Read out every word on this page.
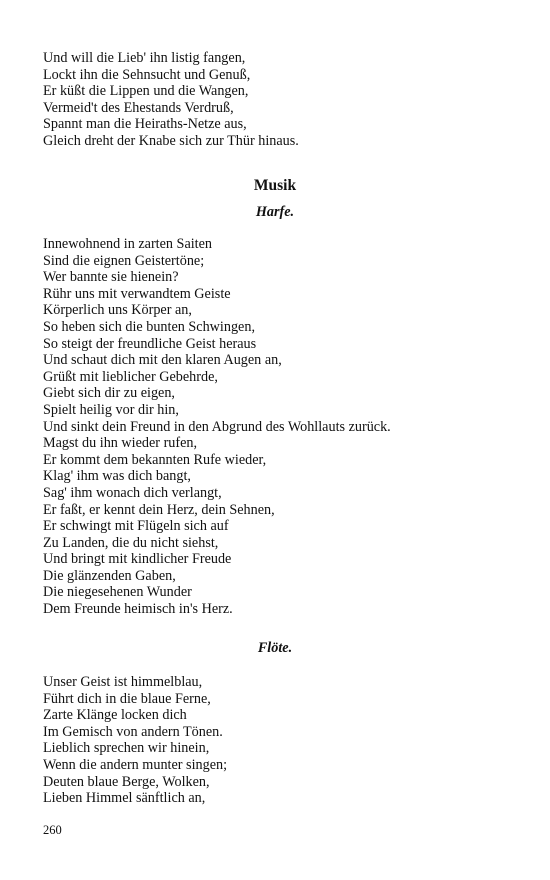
Und will die Lieb' ihn listig fangen,
Lockt ihn die Sehnsucht und Genuß,
Er küßt die Lippen und die Wangen,
Vermeid't des Ehestands Verdruß,
Spannt man die Heiraths-Netze aus,
Gleich dreht der Knabe sich zur Thür hinaus.
Musik
Harfe.
Innewohnend in zarten Saiten
Sind die eignen Geistertöne;
Wer bannte sie hienein?
Rühr uns mit verwandtem Geiste
Körperlich uns Körper an,
So heben sich die bunten Schwingen,
So steigt der freundliche Geist heraus
Und schaut dich mit den klaren Augen an,
Grüßt mit lieblicher Gebehrde,
Giebt sich dir zu eigen,
Spielt heilig vor dir hin,
Und sinkt dein Freund in den Abgrund des Wohllauts zurück.
Magst du ihn wieder rufen,
Er kommt dem bekannten Rufe wieder,
Klag' ihm was dich bangt,
Sag' ihm wonach dich verlangt,
Er faßt, er kennt dein Herz, dein Sehnen,
Er schwingt mit Flügeln sich auf
Zu Landen, die du nicht siehst,
Und bringt mit kindlicher Freude
Die glänzenden Gaben,
Die niegesehenen Wunder
Dem Freunde heimisch in's Herz.
Flöte.
Unser Geist ist himmelblau,
Führt dich in die blaue Ferne,
Zarte Klänge locken dich
Im Gemisch von andern Tönen.
Lieblich sprechen wir hinein,
Wenn die andern munter singen;
Deuten blaue Berge, Wolken,
Lieben Himmel sänftlich an,
260
